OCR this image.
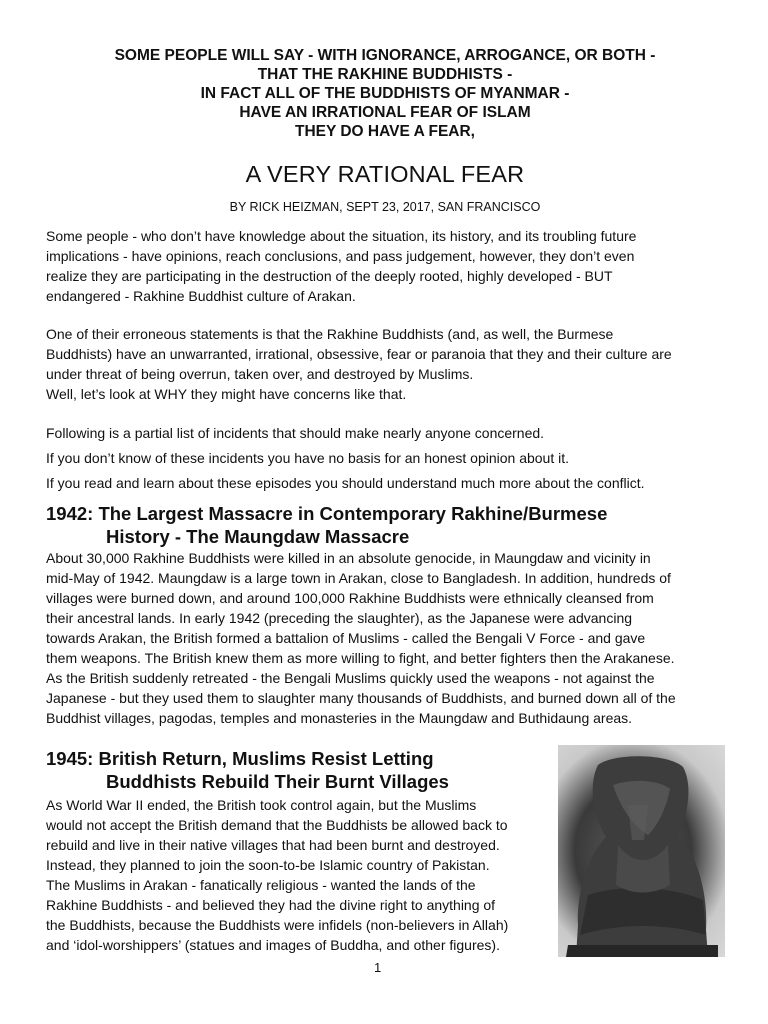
SOME PEOPLE WILL SAY - WITH IGNORANCE, ARROGANCE, OR BOTH -
THAT THE RAKHINE BUDDHISTS -
IN FACT ALL OF THE BUDDHISTS OF MYANMAR -
HAVE AN IRRATIONAL FEAR OF ISLAM
THEY DO HAVE A FEAR,
A VERY RATIONAL FEAR
BY RICK HEIZMAN, SEPT 23, 2017, SAN FRANCISCO
Some people - who don’t have knowledge about the situation, its history, and its troubling future
implications - have opinions, reach conclusions, and pass judgement, however, they don’t even
realize they are participating in the destruction of the deeply rooted, highly developed - BUT
endangered - Rakhine Buddhist culture of Arakan.
One of their erroneous statements is that the Rakhine Buddhists (and, as well, the Burmese
Buddhists) have an unwarranted, irrational, obsessive, fear or paranoia that they and their culture are
under threat of being overrun, taken over, and destroyed by Muslims.
Well, let’s look at WHY they might have concerns like that.
Following is a partial list of incidents that should make nearly anyone concerned.
If you don’t know of these incidents you have no basis for an honest opinion about it.
If you read and learn about these episodes you should understand much more about the conflict.
1942: The Largest Massacre in Contemporary Rakhine/Burmese
History - The Maungdaw Massacre
About 30,000 Rakhine Buddhists were killed in an absolute genocide, in Maungdaw and vicinity in
mid-May of 1942. Maungdaw is a large town in Arakan, close to Bangladesh. In addition, hundreds of
villages were burned down, and around 100,000 Rakhine Buddhists were ethnically cleansed from
their ancestral lands. In early 1942 (preceding the slaughter), as the Japanese were advancing
towards Arakan, the British formed a battalion of Muslims - called the Bengali V Force - and gave
them weapons. The British knew them as more willing to fight, and better fighters then the Arakanese.
As the British suddenly retreated - the Bengali Muslims quickly used the weapons - not against the
Japanese - but they used them to slaughter many thousands of Buddhists, and burned down all of the
Buddhist villages, pagodas, temples and monasteries in the Maungdaw and Buthidaung areas.
1945: British Return, Muslims Resist Letting
Buddhists Rebuild Their Burnt Villages
As World War II ended, the British took control again, but the Muslims
would not accept the British demand that the Buddhists be allowed back to
rebuild and live in their native villages that had been burnt and destroyed.
Instead, they planned to join the soon-to-be Islamic country of Pakistan.
The Muslims in Arakan - fanatically religious - wanted the lands of the
Rakhine Buddhists - and believed they had the divine right to anything of
the Buddhists, because the Buddhists were infidels (non-believers in Allah)
and ‘idol-worshippers’ (statues and images of Buddha, and other figures).
1
